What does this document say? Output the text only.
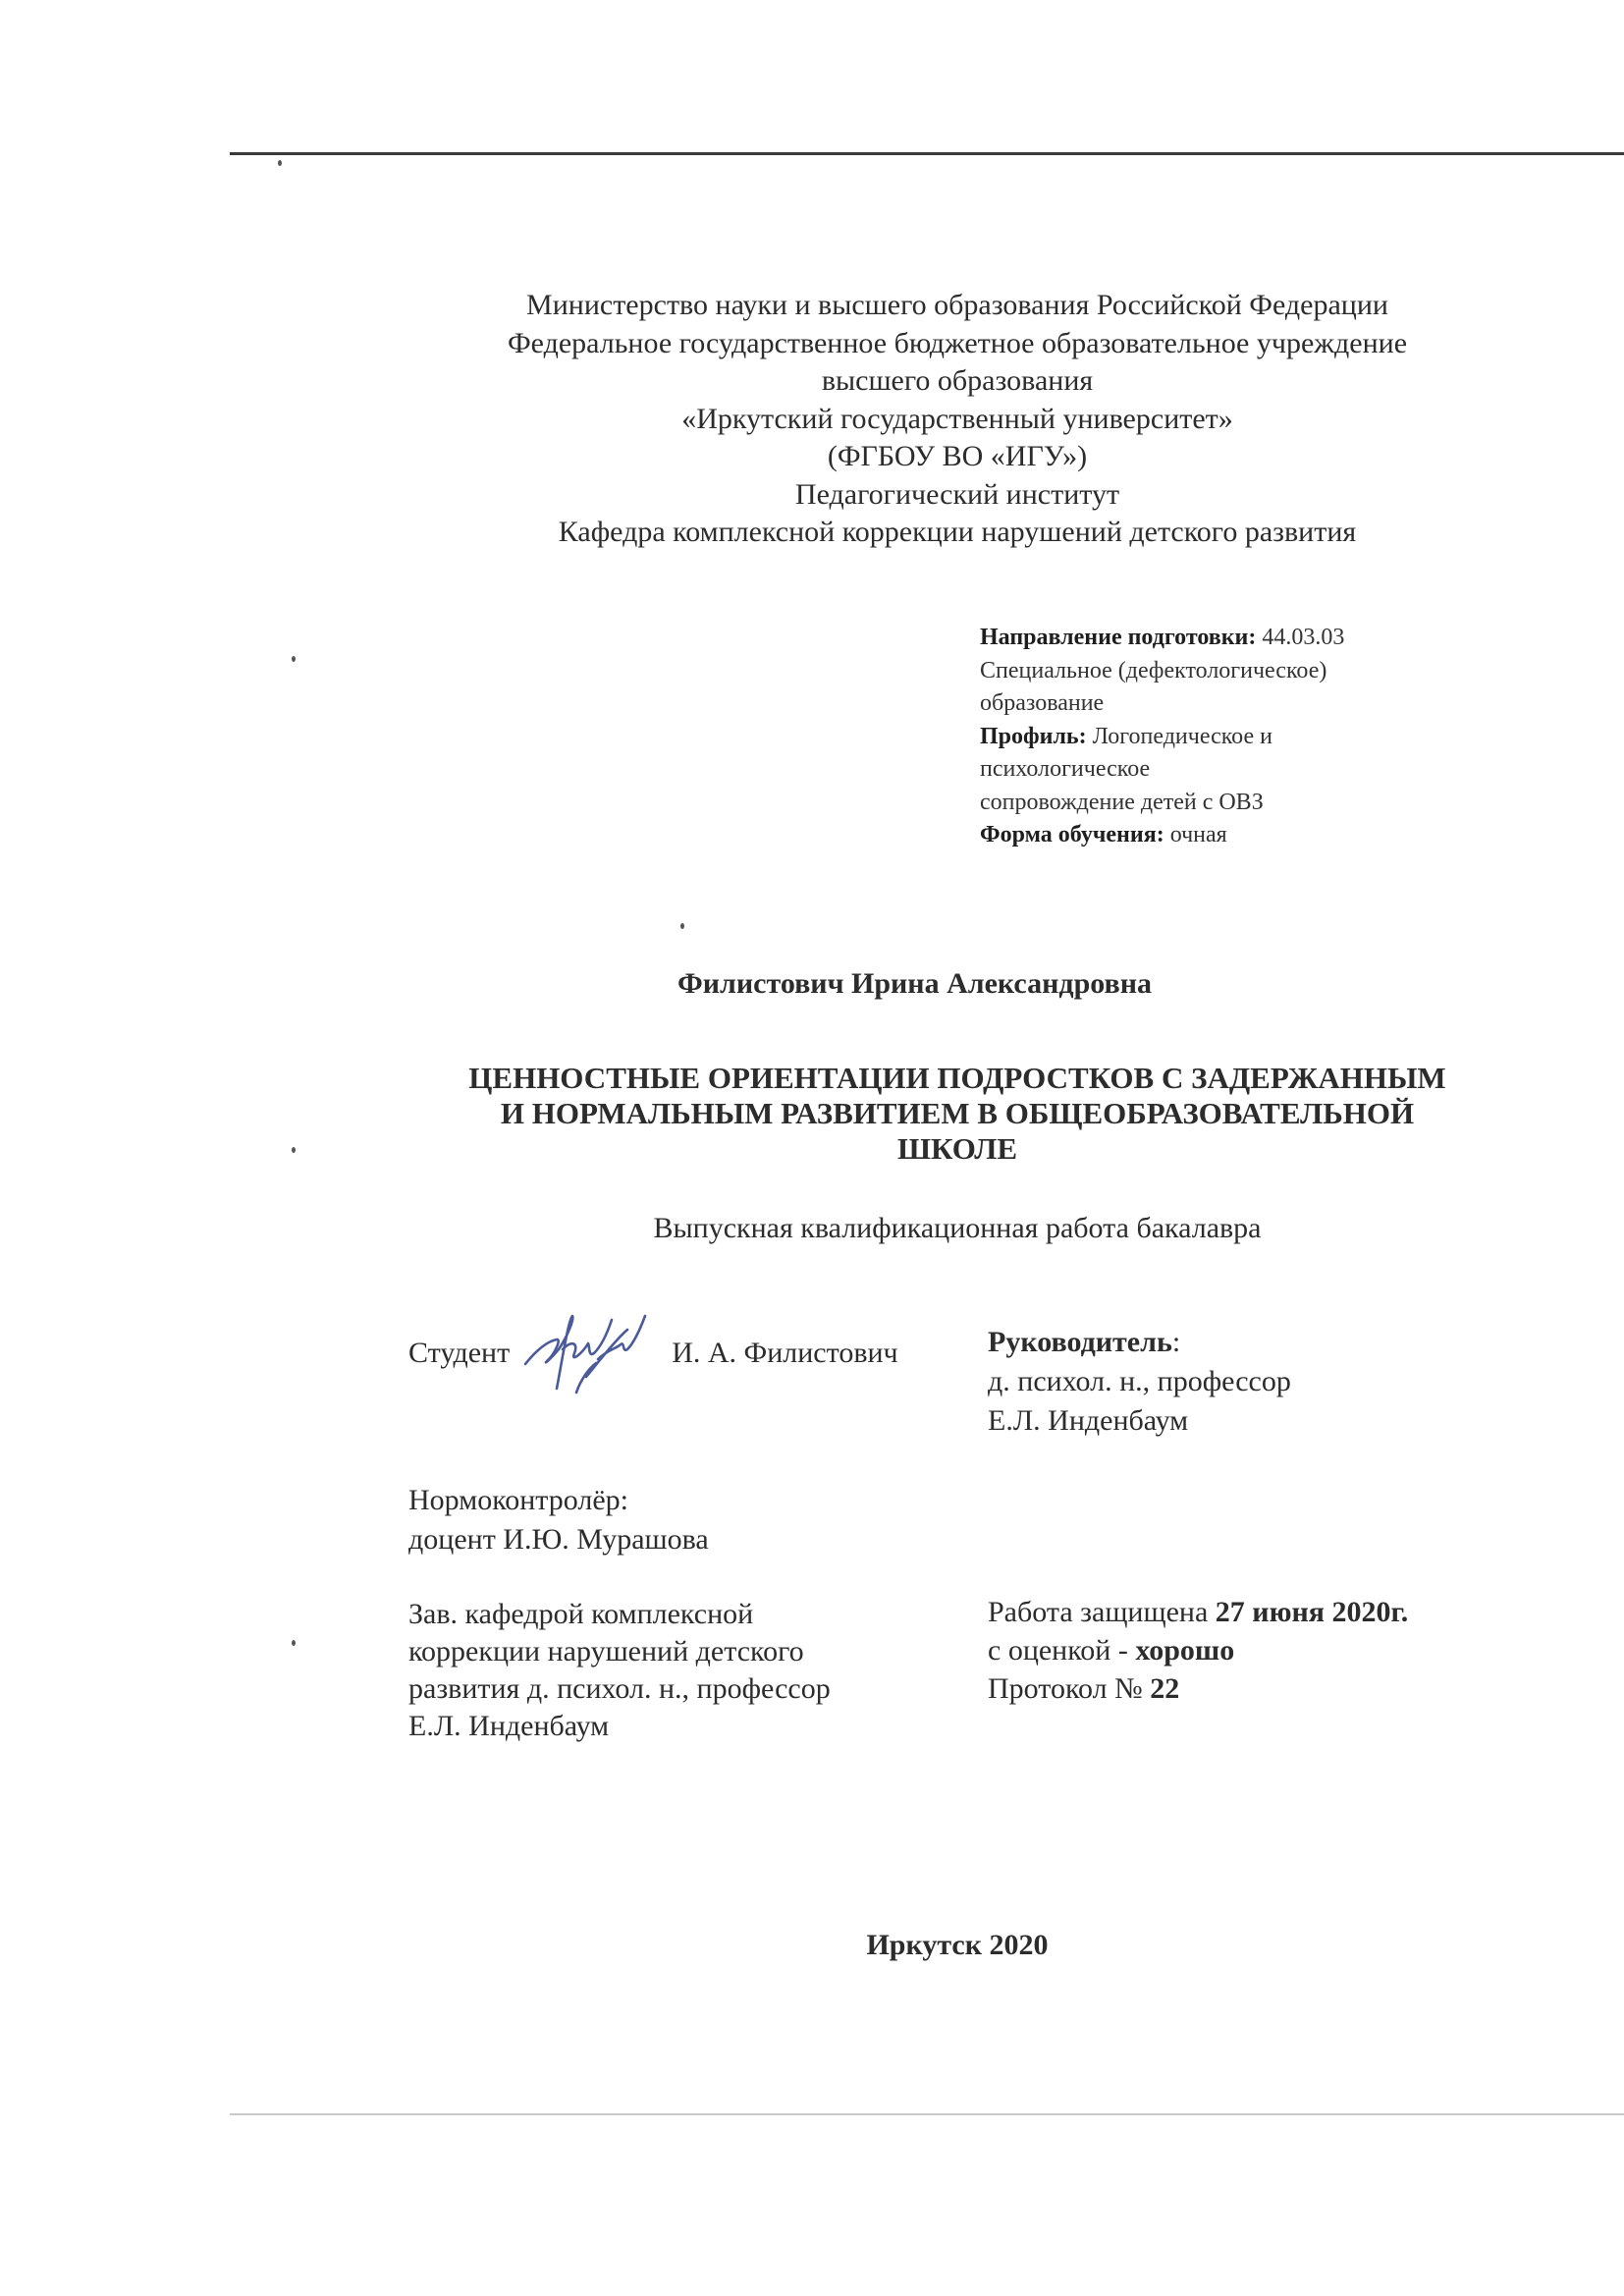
Министерство науки и высшего образования Российской Федерации
Федеральное государственное бюджетное образовательное учреждение
высшего образования
«Иркутский государственный университет»
(ФГБОУ ВО «ИГУ»)
Педагогический институт
Кафедра комплексной коррекции нарушений детского развития
Направление подготовки: 44.03.03
Специальное (дефектологическое)
образование
Профиль: Логопедическое и
психологическое
сопровождение детей с ОВЗ
Форма обучения: очная
Филистович Ирина Александровна
ЦЕННОСТНЫЕ ОРИЕНТАЦИИ ПОДРОСТКОВ С ЗАДЕРЖАННЫМ
И НОРМАЛЬНЫМ РАЗВИТИЕМ В ОБЩЕОБРАЗОВАТЕЛЬНОЙ
ШКОЛЕ
Выпускная квалификационная работа бакалавра
Студент	И. А. Филистович	Руководитель:
д. психол. н., профессор
Е.Л. Инденбаум
Нормоконтролёр:
доцент И.Ю. Мурашова
Зав. кафедрой комплексной
коррекции нарушений детского
развития д. психол. н., профессор
Е.Л. Инденбаум
Работа защищена 27 июня 2020г.
с оценкой - хорошо
Протокол № 22
Иркутск 2020
